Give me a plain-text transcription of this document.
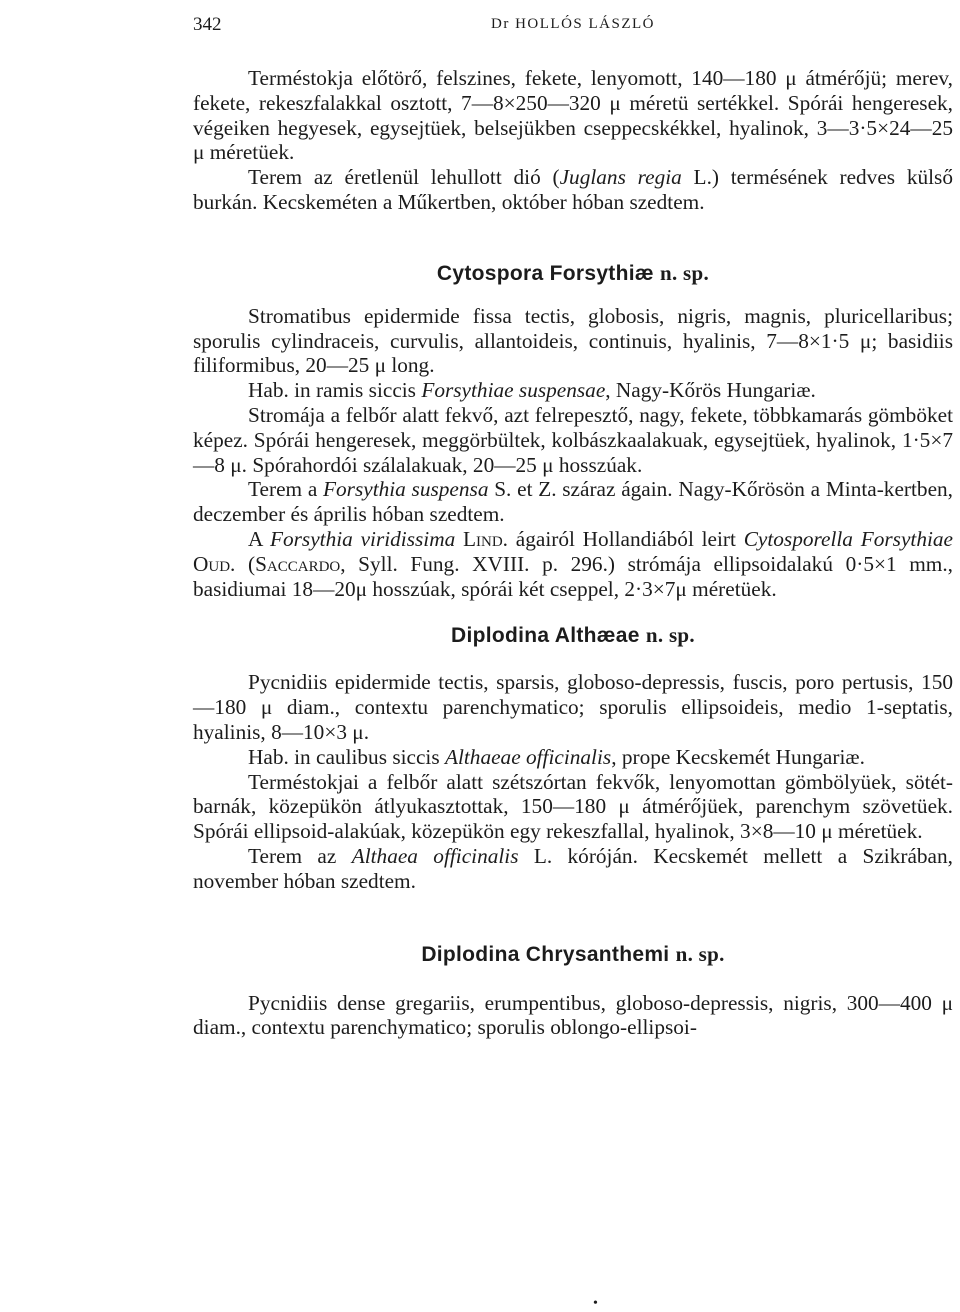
342	Dr HOLLÓS LÁSZLÓ

Terméstokja előtörő, felszines, fekete, lenyomott, 140—180 μ átmérőjü; merev, fekete, rekeszfalakkal osztott, 7—8×250—320 μ méretü sertékkel. Spórái hengeresek, végeiken hegyesek, egysejtüek, belsejükben cseppecskékkel, hyalinok, 3—3·5×24—25 μ méretüek.

Terem az éretlenül lehullott dió (Juglans regia L.) termésének redves külső burkán. Kecskeméten a Műkertben, október hóban szedtem.

Cytospora Forsythiæ n. sp.

Stromatibus epidermide fissa tectis, globosis, nigris, magnis, pluricellaribus; sporulis cylindraceis, curvulis, allantoideis, continuis, hyalinis, 7—8×1·5 μ; basidiis filiformibus, 20—25 μ long.

Hab. in ramis siccis Forsythiae suspensae, Nagy-Kőrös Hungariæ.

Stromája a felbőr alatt fekvő, azt felrepesztő, nagy, fekete, többkamarás gömböket képez. Spórái hengeresek, meggörbültek, kolbászkaalakuak, egysejtüek, hyalinok, 1·5×7—8 μ. Spórahordói szálalakuak, 20—25 μ hosszúak.

Terem a Forsythia suspensa S. et Z. száraz ágain. Nagy-Kőrösön a Minta-kertben, deczember és április hóban szedtem.

A Forsythia viridissima Lind. ágairól Hollandiából leirt Cytosporella Forsythiae Oud. (Saccardo, Syll. Fung. XVIII. p. 296.) strómája ellipsoidalakú 0·5×1 mm., basidiumai 18—20μ hosszúak, spórái két cseppel, 2·3×7μ méretüek.

Diplodina Althæae n. sp.

Pycnidiis epidermide tectis, sparsis, globoso-depressis, fuscis, poro pertusis, 150—180 μ diam., contextu parenchymatico; sporulis ellipsoideis, medio 1-septatis, hyalinis, 8—10×3 μ.

Hab. in caulibus siccis Althaeae officinalis, prope Kecskemét Hungariæ.

Terméstokjai a felbőr alatt szétszórtan fekvők, lenyomottan gömbölyüek, sötét-barnák, közepükön átlyukasztottak, 150—180 μ átmérőjüek, parenchym szövetüek. Spórái ellipsoid-alakúak, közepükön egy rekeszfallal, hyalinok, 3×8—10 μ méretüek.

Terem az Althaea officinalis L. kóróján. Kecskemét mellett a Szikrában, november hóban szedtem.

Diplodina Chrysanthemi n. sp.

Pycnidiis dense gregariis, erumpentibus, globoso-depressis, nigris, 300—400 μ diam., contextu parenchymatico; sporulis oblongo-ellipsoi-

•
